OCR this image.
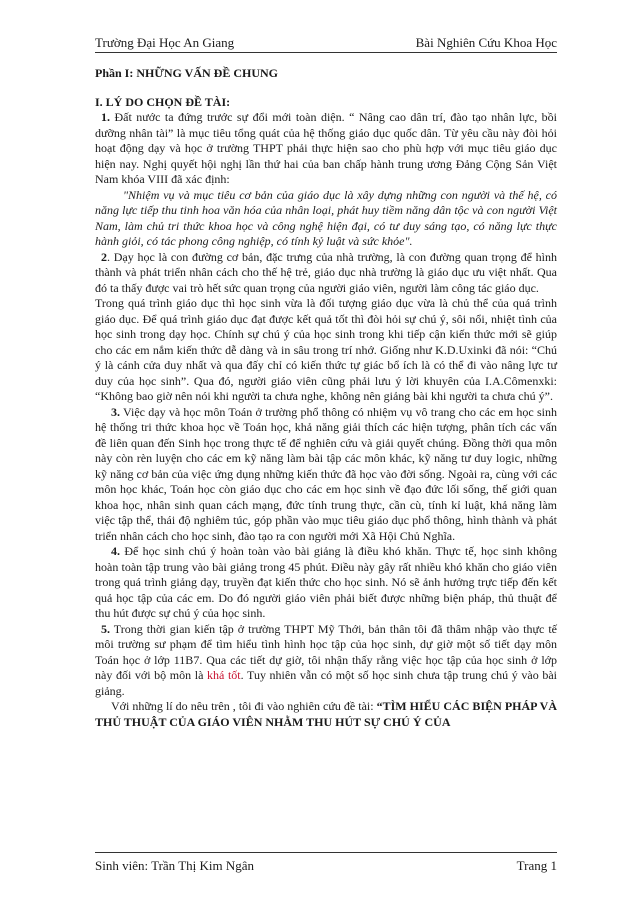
Trường Đại Học An Giang	Bài Nghiên Cứu Khoa Học

Phần I: NHỮNG VẤN ĐỀ CHUNG

I. LÝ DO CHỌN ĐỀ TÀI:

1. Đất nước ta đứng trước sự đổi mới toàn diện. “ Nâng cao dân trí, đào tạo nhân lực, bồi dưỡng nhân tài” là mục tiêu tổng quát của hệ thống giáo dục quốc dân. Từ yêu cầu này đòi hỏi hoạt động dạy và học ở trường THPT phải thực hiện sao cho phù hợp với mục tiêu giáo dục hiện nay. Nghị quyết hội nghị lần thứ hai của ban chấp hành trung ương Đảng Cộng Sản Việt Nam khóa VIII đã xác định:

"Nhiệm vụ và mục tiêu cơ bản của giáo dục là xây dựng những con người và thế hệ, có năng lực tiếp thu tinh hoa văn hóa của nhân loại, phát huy tiềm năng dân tộc và con người Việt Nam, làm chủ tri thức khoa học và công nghệ hiện đại, có tư duy sáng tạo, có năng lực thực hành giỏi, có tác phong công nghiệp, có tính kỷ luật và sức khỏe".

2. Dạy học là con đường cơ bản, đặc trưng của nhà trường, là con đường quan trọng để hình thành và phát triển nhân cách cho thế hệ trẻ, giáo dục nhà trường là giáo dục ưu việt nhất. Qua đó ta thấy được vai trò hết sức quan trọng của người giáo viên, người làm công tác giáo dục.

Trong quá trình giáo dục thì học sinh vừa là đối tượng giáo dục vừa là chủ thể của quá trình giáo dục. Để quá trình giáo dục đạt được kết quả tốt thì đòi hỏi sự chú ý, sôi nổi, nhiệt tình của học sinh trong dạy học. Chính sự chú ý của học sinh trong khi tiếp cận kiến thức mới sẽ giúp cho các em nắm kiến thức dễ dàng và in sâu trong trí nhớ. Giống như K.D.Uxinki đã nói: “Chú ý là cánh cửa duy nhất và qua đấy chỉ có kiến thức tự giác bổ ích là có thể đi vào nâng lực tư duy của học sinh”. Qua đó, người giáo viên cũng phải lưu ý lời khuyên của I.A.Cômenxki: “Không bao giờ nên nói khi người ta chưa nghe, không nên giảng bài khi người ta chưa chú ý”.

3. Việc dạy và học môn Toán ở trường phổ thông có nhiệm vụ vô trang cho các em học sinh hệ thống tri thức khoa học về Toán học, khả năng giải thích các hiện tượng, phân tích các vấn đề liên quan đến Sinh học trong thực tế để nghiên cứu và giải quyết chúng. Đồng thời qua môn này còn rèn luyện cho các em kỹ năng làm bài tập các môn khác, kỹ năng tư duy logic, những kỹ năng cơ bản của việc ứng dụng những kiến thức đã học vào đời sống. Ngoài ra, cùng với các môn học khác, Toán học còn giáo dục cho các em học sinh về đạo đức lối sống, thế giới quan khoa học, nhân sinh quan cách mạng, đức tính trung thực, cần cù, tính kỉ luật, khả năng làm việc tập thể, thái độ nghiêm túc, góp phần vào mục tiêu giáo dục phổ thông, hình thành và phát triển nhân cách cho học sinh, đào tạo ra con người mới Xã Hội Chủ Nghĩa.

4. Để học sinh chú ý hoàn toàn vào bài giảng là điều khó khăn. Thực tế, học sinh không hoàn toàn tập trung vào bài giảng trong 45 phút. Điều này gây rất nhiều khó khăn cho giáo viên trong quá trình giảng dạy, truyền đạt kiến thức cho học sinh. Nó sẽ ảnh hưởng trực tiếp đến kết quả học tập của các em. Do đó người giáo viên phải biết được những biện pháp, thủ thuật để thu hút được sự chú ý của học sinh.

5. Trong thời gian kiến tập ở trường THPT Mỹ Thới, bản thân tôi đã thâm nhập vào thực tế môi trường sư phạm để tìm hiểu tình hình học tập của học sinh, dự giờ một số tiết dạy môn Toán học ở lớp 11B7. Qua các tiết dự giờ, tôi nhận thấy rằng việc học tập của học sinh ở lớp này đối với bộ môn là khá tốt. Tuy nhiên vẫn có một số học sinh chưa tập trung chú ý vào bài giảng.

Với những lí do nêu trên , tôi đi vào nghiên cứu đề tài: “TÌM HIỂU CÁC BIỆN PHÁP VÀ THỦ THUẬT CỦA GIÁO VIÊN NHẰM THU HÚT SỰ CHÚ Ý CỦA

Sinh viên: Trần Thị Kim Ngân	Trang 1
